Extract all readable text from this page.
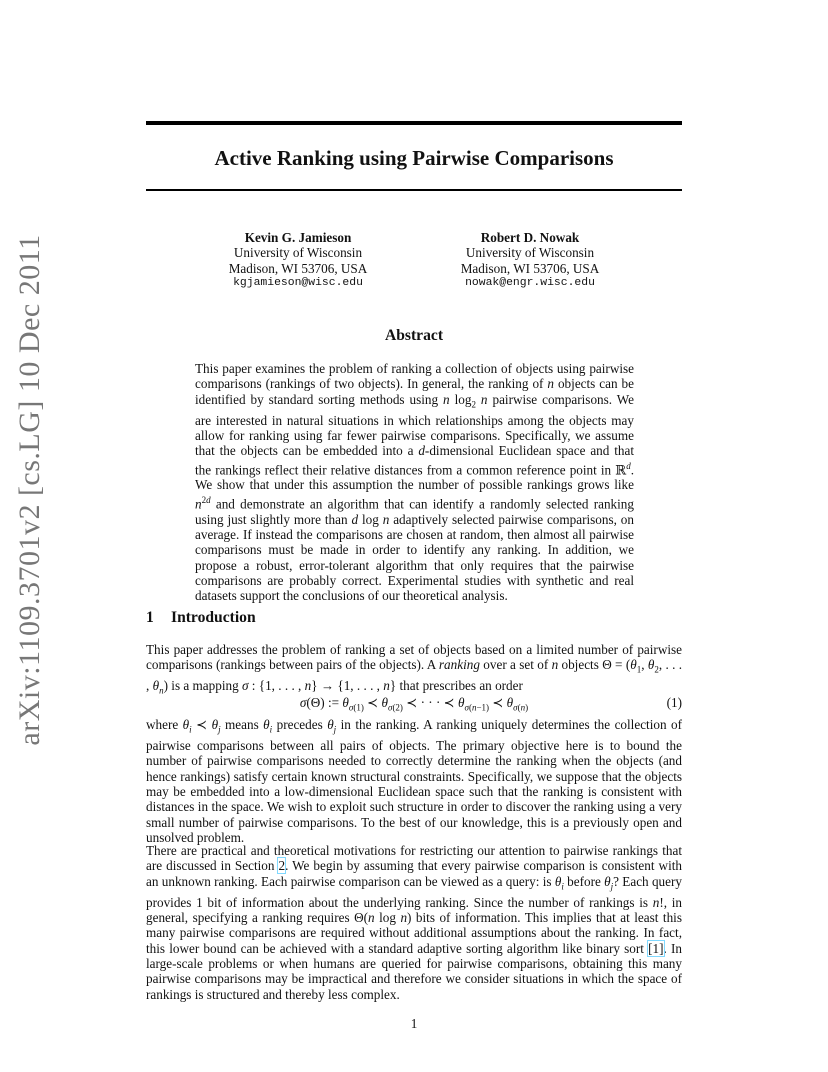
arXiv:1109.3701v2 [cs.LG] 10 Dec 2011
Active Ranking using Pairwise Comparisons
Kevin G. Jamieson
University of Wisconsin
Madison, WI 53706, USA
kgjamieson@wisc.edu
Robert D. Nowak
University of Wisconsin
Madison, WI 53706, USA
nowak@engr.wisc.edu
Abstract
This paper examines the problem of ranking a collection of objects using pairwise comparisons (rankings of two objects). In general, the ranking of n objects can be identified by standard sorting methods using n $\log_2 n$ pairwise comparisons. We are interested in natural situations in which relationships among the objects may allow for ranking using far fewer pairwise comparisons. Specifically, we assume that the objects can be embedded into a d-dimensional Euclidean space and that the rankings reflect their relative distances from a common reference point in ℝ$^d$. We show that under this assumption the number of possible rankings grows like $n^{2d}$ and demonstrate an algorithm that can identify a randomly selected ranking using just slightly more than d log n adaptively selected pairwise comparisons, on average. If instead the comparisons are chosen at random, then almost all pairwise comparisons must be made in order to identify any ranking. In addition, we propose a robust, error-tolerant algorithm that only requires that the pairwise comparisons are probably correct. Experimental studies with synthetic and real datasets support the conclusions of our theoretical analysis.
1 Introduction
This paper addresses the problem of ranking a set of objects based on a limited number of pairwise comparisons (rankings between pairs of the objects). A ranking over a set of n objects $\Theta = (\theta_1$, $\theta_2$, . . . , $\theta_n$) is a mapping σ : {1, . . . , n} → {1, . . . , n} that prescribes an order
σ(Θ) := $\theta_{\sigma(1)}$ ≺ $\theta_{\sigma(2)}$ ≺ · · · ≺ $\theta_{\sigma(n-1)}$ ≺ $\theta_{\sigma(n)}$	(1)
where $\theta_i$ ≺ $\theta_j$ means $\theta_i$ precedes $\theta_j$ in the ranking. A ranking uniquely determines the collection of pairwise comparisons between all pairs of objects. The primary objective here is to bound the number of pairwise comparisons needed to correctly determine the ranking when the objects (and hence rankings) satisfy certain known structural constraints. Specifically, we suppose that the objects may be embedded into a low-dimensional Euclidean space such that the ranking is consistent with distances in the space. We wish to exploit such structure in order to discover the ranking using a very small number of pairwise comparisons. To the best of our knowledge, this is a previously open and unsolved problem.
There are practical and theoretical motivations for restricting our attention to pairwise rankings that are discussed in Section 2. We begin by assuming that every pairwise comparison is consistent with an unknown ranking. Each pairwise comparison can be viewed as a query: is $\theta_i$ before $\theta_j$? Each query provides 1 bit of information about the underlying ranking. Since the number of rankings is n!, in general, specifying a ranking requires Θ(n log n) bits of information. This implies that at least this many pairwise comparisons are required without additional assumptions about the ranking. In fact, this lower bound can be achieved with a standard adaptive sorting algorithm like binary sort [1]. In large-scale problems or when humans are queried for pairwise comparisons, obtaining this many pairwise comparisons may be impractical and therefore we consider situations in which the space of rankings is structured and thereby less complex.
1
